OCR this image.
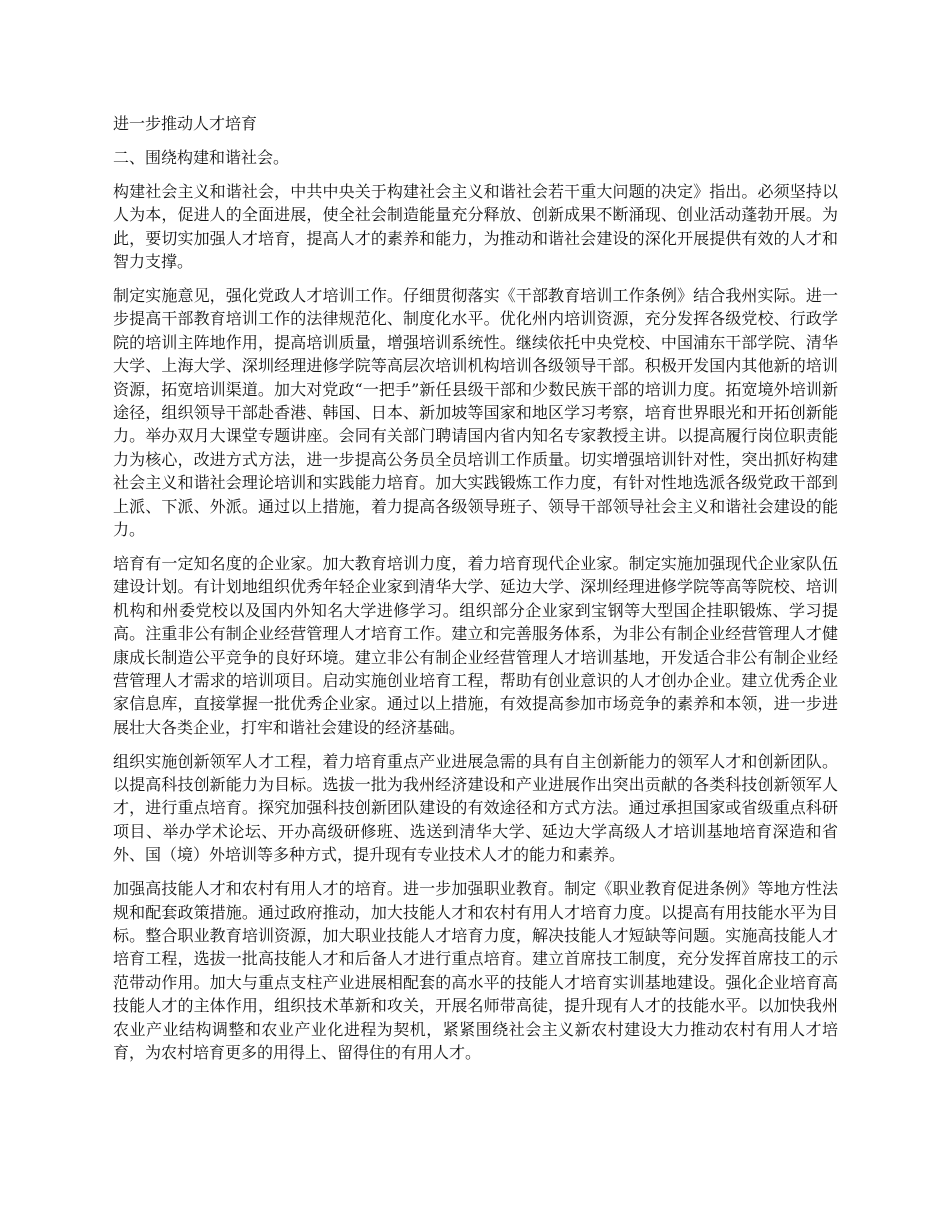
进一步推动人才培育

二、围绕构建和谐社会。

构建社会主义和谐社会，中共中央关于构建社会主义和谐社会若干重大问题的决定》指出。必须坚持以人为本，促进人的全面进展，使全社会制造能量充分释放、创新成果不断涌现、创业活动蓬勃开展。为此，要切实加强人才培育，提高人才的素养和能力，为推动和谐社会建设的深化开展提供有效的人才和智力支撑。

制定实施意见，强化党政人才培训工作。仔细贯彻落实《干部教育培训工作条例》结合我州实际。进一步提高干部教育培训工作的法律规范化、制度化水平。优化州内培训资源，充分发挥各级党校、行政学院的培训主阵地作用，提高培训质量，增强培训系统性。继续依托中央党校、中国浦东干部学院、清华大学、上海大学、深圳经理进修学院等高层次培训机构培训各级领导干部。积极开发国内其他新的培训资源，拓宽培训渠道。加大对党政“一把手”新任县级干部和少数民族干部的培训力度。拓宽境外培训新途径，组织领导干部赴香港、韩国、日本、新加坡等国家和地区学习考察，培育世界眼光和开拓创新能力。举办双月大课堂专题讲座。会同有关部门聘请国内省内知名专家教授主讲。以提高履行岗位职责能力为核心，改进方式方法，进一步提高公务员全员培训工作质量。切实增强培训针对性，突出抓好构建社会主义和谐社会理论培训和实践能力培育。加大实践锻炼工作力度，有针对性地选派各级党政干部到上派、下派、外派。通过以上措施，着力提高各级领导班子、领导干部领导社会主义和谐社会建设的能力。

培育有一定知名度的企业家。加大教育培训力度，着力培育现代企业家。制定实施加强现代企业家队伍建设计划。有计划地组织优秀年轻企业家到清华大学、延边大学、深圳经理进修学院等高等院校、培训机构和州委党校以及国内外知名大学进修学习。组织部分企业家到宝钢等大型国企挂职锻炼、学习提高。注重非公有制企业经营管理人才培育工作。建立和完善服务体系，为非公有制企业经营管理人才健康成长制造公平竞争的良好环境。建立非公有制企业经营管理人才培训基地，开发适合非公有制企业经营管理人才需求的培训项目。启动实施创业培育工程，帮助有创业意识的人才创办企业。建立优秀企业家信息库，直接掌握一批优秀企业家。通过以上措施，有效提高参加市场竞争的素养和本领，进一步进展壮大各类企业，打牢和谐社会建设的经济基础。

组织实施创新领军人才工程，着力培育重点产业进展急需的具有自主创新能力的领军人才和创新团队。以提高科技创新能力为目标。选拔一批为我州经济建设和产业进展作出突出贡献的各类科技创新领军人才，进行重点培育。探究加强科技创新团队建设的有效途径和方式方法。通过承担国家或省级重点科研项目、举办学术论坛、开办高级研修班、选送到清华大学、延边大学高级人才培训基地培育深造和省外、国（境）外培训等多种方式，提升现有专业技术人才的能力和素养。

加强高技能人才和农村有用人才的培育。进一步加强职业教育。制定《职业教育促进条例》等地方性法规和配套政策措施。通过政府推动，加大技能人才和农村有用人才培育力度。以提高有用技能水平为目标。整合职业教育培训资源，加大职业技能人才培育力度，解决技能人才短缺等问题。实施高技能人才培育工程，选拔一批高技能人才和后备人才进行重点培育。建立首席技工制度，充分发挥首席技工的示范带动作用。加大与重点支柱产业进展相配套的高水平的技能人才培育实训基地建设。强化企业培育高技能人才的主体作用，组织技术革新和攻关，开展名师带高徒，提升现有人才的技能水平。以加快我州农业产业结构调整和农业产业化进程为契机，紧紧围绕社会主义新农村建设大力推动农村有用人才培育，为农村培育更多的用得上、留得住的有用人才。
